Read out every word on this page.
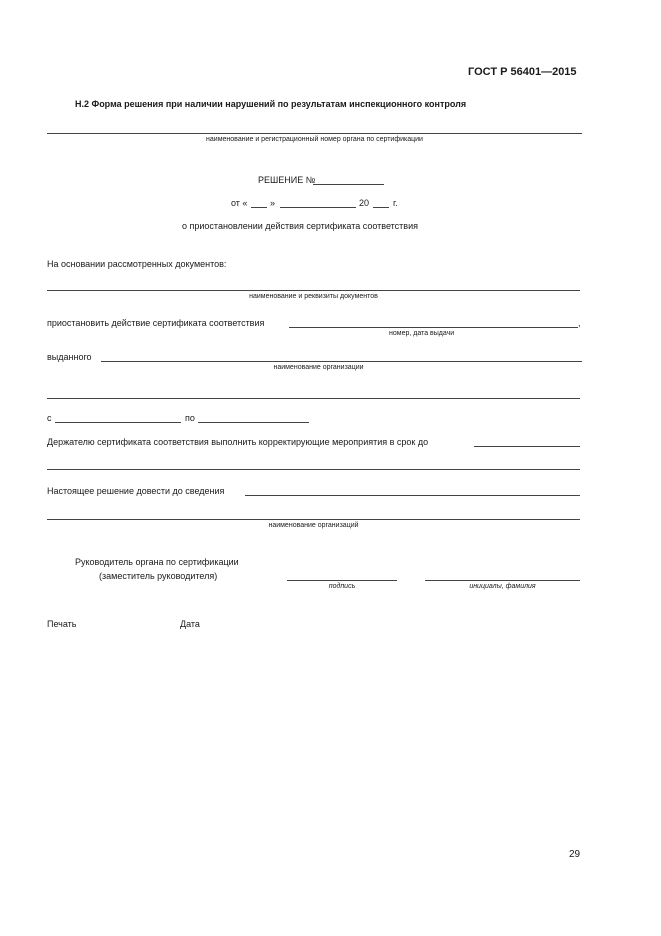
ГОСТ Р 56401—2015
Н.2 Форма решения при наличии нарушений по результатам инспекционного контроля
наименование и регистрационный номер органа по сертификации
РЕШЕНИЕ №
от «	»	20	г.
о приостановлении действия сертификата соответствия
На основании рассмотренных документов:
наименование и реквизиты документов
приостановить действие сертификата соответствия	,
номер, дата выдачи
выданного
наименование организации
с	по
Держателю сертификата соответствия выполнить корректирующие мероприятия в срок до
Настоящее решение довести до сведения
наименование организаций
Руководитель органа по сертификации
(заместитель руководителя)
подпись	инициалы, фамилия
Печать	Дата
29
